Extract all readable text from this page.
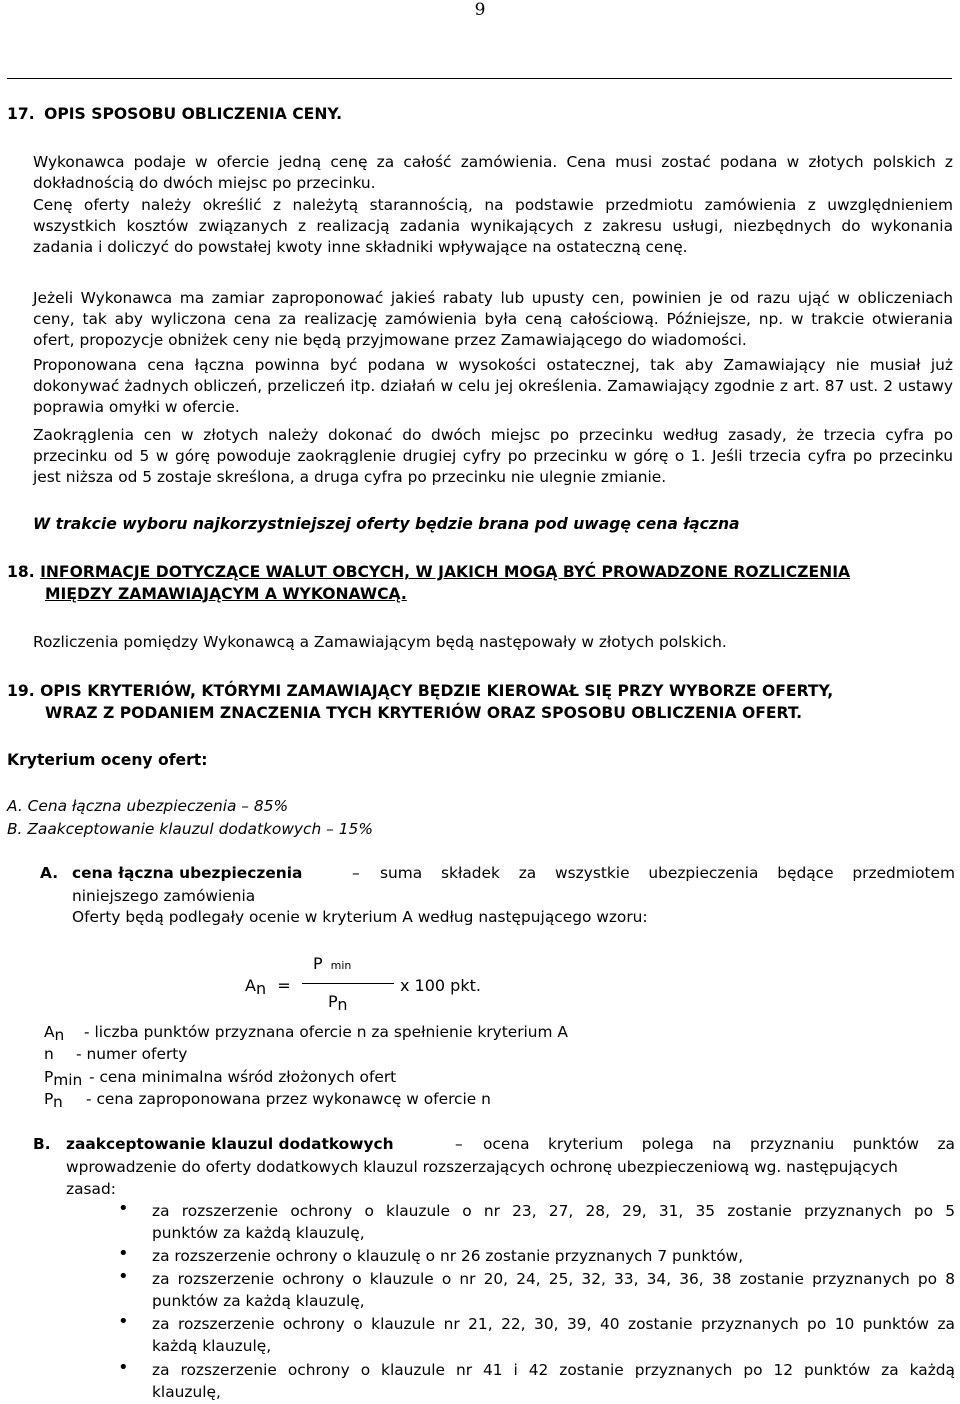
9
17. OPIS SPOSOBU OBLICZENIA CENY.
Wykonawca podaje w ofercie jedną cenę za całość zamówienia. Cena musi zostać podana w złotych polskich z dokładnością do dwóch miejsc po przecinku.
Cenę oferty należy określić z należytą starannością, na podstawie przedmiotu zamówienia z uwzględnieniem wszystkich kosztów związanych z realizacją zadania wynikających z zakresu usługi, niezbędnych do wykonania zadania i doliczyć do powstałej kwoty inne składniki wpływające na ostateczną cenę.
Jeżeli Wykonawca ma zamiar zaproponować jakieś rabaty lub upusty cen, powinien je od razu ująć w obliczeniach ceny, tak aby wyliczona cena za realizację zamówienia była ceną całościową. Późniejsze, np. w trakcie otwierania ofert, propozycje obniżek ceny nie będą przyjmowane przez Zamawiającego do wiadomości.
Proponowana cena łączna powinna być podana w wysokości ostatecznej, tak aby Zamawiający nie musiał już dokonywać żadnych obliczeń, przeliczeń itp. działań w celu jej określenia. Zamawiający zgodnie z art. 87 ust. 2 ustawy poprawia omyłki w ofercie.
Zaokrąglenia cen w złotych należy dokonać do dwóch miejsc po przecinku według zasady, że trzecia cyfra po przecinku od 5 w górę powoduje zaokrąglenie drugiej cyfry po przecinku w górę o 1. Jeśli trzecia cyfra po przecinku jest niższa od 5 zostaje skreślona, a druga cyfra po przecinku nie ulegnie zmianie.
W trakcie wyboru najkorzystniejszej oferty będzie brana pod uwagę cena łączna
18. INFORMACJE DOTYCZĄCE WALUT OBCYCH, W JAKICH MOGĄ BYĆ PROWADZONE ROZLICZENIA
MIĘDZY ZAMAWIAJĄCYM A WYKONAWCĄ.
Rozliczenia pomiędzy Wykonawcą a Zamawiającym będą następowały w złotych polskich.
19. OPIS KRYTERIÓW, KTÓRYMI ZAMAWIAJĄCY BĘDZIE KIEROWAŁ SIĘ PRZY WYBORZE OFERTY,
WRAZ Z PODANIEM ZNACZENIA TYCH KRYTERIÓW ORAZ SPOSOBU OBLICZENIA OFERT.
Kryterium oceny ofert:
A. Cena łączna ubezpieczenia – 85%
B. Zaakceptowanie klauzul dodatkowych – 15%
A. cena łączna ubezpieczenia	– suma składek za wszystkie ubezpieczenia będące przedmiotem
niniejszego zamówienia
Oferty będą podlegały ocenie w kryterium A według następującego wzoru:
P min
An =	x 100 pkt.
Pn
An - liczba punktów przyznana ofercie n za spełnienie kryterium A
n - numer oferty
Pmin - cena minimalna wśród złożonych ofert
Pn - cena zaproponowana przez wykonawcę w ofercie n
B. zaakceptowanie klauzul dodatkowych	– ocena kryterium polega na przyznaniu punktów za
wprowadzenie do oferty dodatkowych klauzul rozszerzających ochronę ubezpieczeniową wg. następujących
zasad:
• za rozszerzenie ochrony o klauzule o nr 23, 27, 28, 29, 31, 35 zostanie przyznanych po 5
punktów za każdą klauzulę,
• za rozszerzenie ochrony o klauzulę o nr 26 zostanie przyznanych 7 punktów,
• za rozszerzenie ochrony o klauzule o nr 20, 24, 25, 32, 33, 34, 36, 38 zostanie przyznanych po 8
punktów za każdą klauzulę,
• za rozszerzenie ochrony o klauzule nr 21, 22, 30, 39, 40 zostanie przyznanych po 10 punktów za
każdą klauzulę,
• za rozszerzenie ochrony o klauzule nr 41 i 42 zostanie przyznanych po 12 punktów za każdą
klauzulę,
